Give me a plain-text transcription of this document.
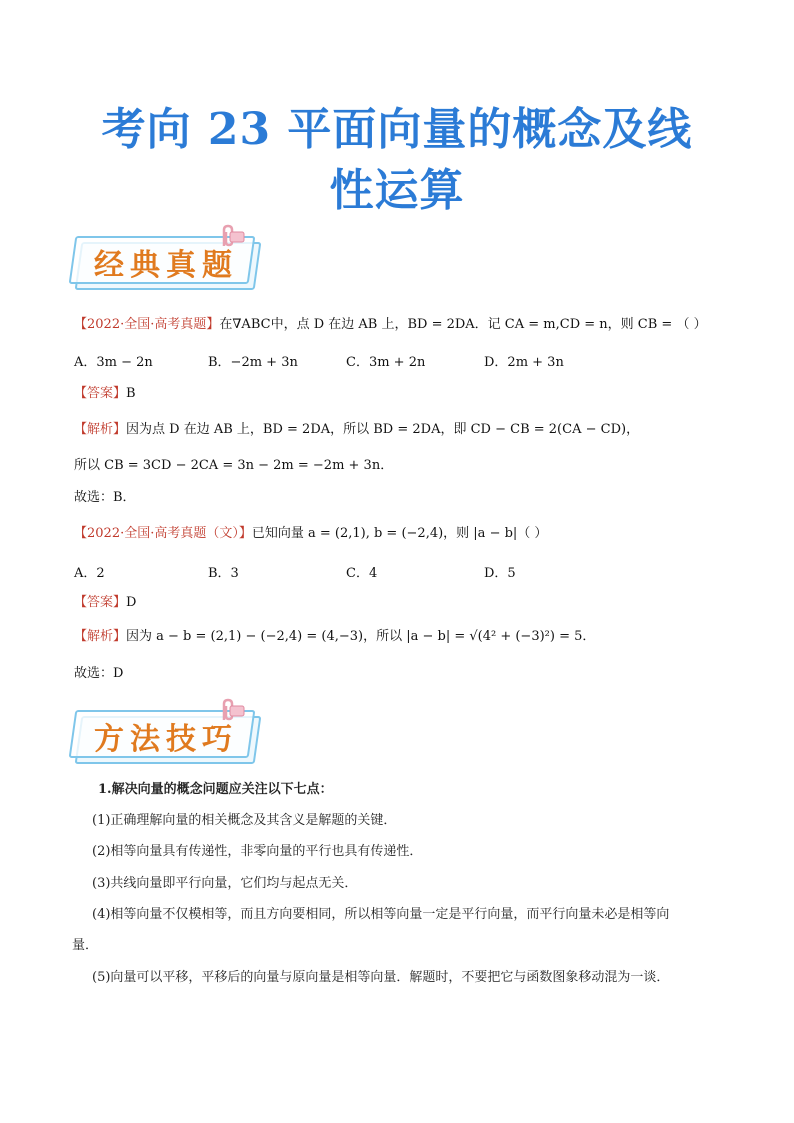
考向 23 平面向量的概念及线
性运算
经典真题
【2022·全国·高考真题】在∇ABC中，点 D 在边 AB 上，BD = 2DA．记 CA = m,CD = n，则 CB = （ ）
A．3m − 2n	B．−2m + 3n	C．3m + 2n	D．2m + 3n
【答案】B
【解析】因为点 D 在边 AB 上，BD = 2DA，所以 BD = 2DA，即 CD − CB = 2(CA − CD)，
所以 CB = 3CD − 2CA = 3n − 2m = −2m + 3n．
故选：B．
【2022·全国·高考真题（文）】已知向量 a = (2,1), b = (−2,4)，则 |a − b|（ ）
A．2	B．3	C．4	D．5
【答案】D
【解析】因为 a − b = (2,1) − (−2,4) = (4,−3)，所以 |a − b| = √(4² + (−3)²) = 5．
故选：D
方法技巧
1.解决向量的概念问题应关注以下七点：
(1)正确理解向量的相关概念及其含义是解题的关键．
(2)相等向量具有传递性，非零向量的平行也具有传递性．
(3)共线向量即平行向量，它们均与起点无关．
(4)相等向量不仅模相等，而且方向要相同，所以相等向量一定是平行向量，而平行向量未必是相等向
量．
(5)向量可以平移，平移后的向量与原向量是相等向量．解题时，不要把它与函数图象移动混为一谈．
